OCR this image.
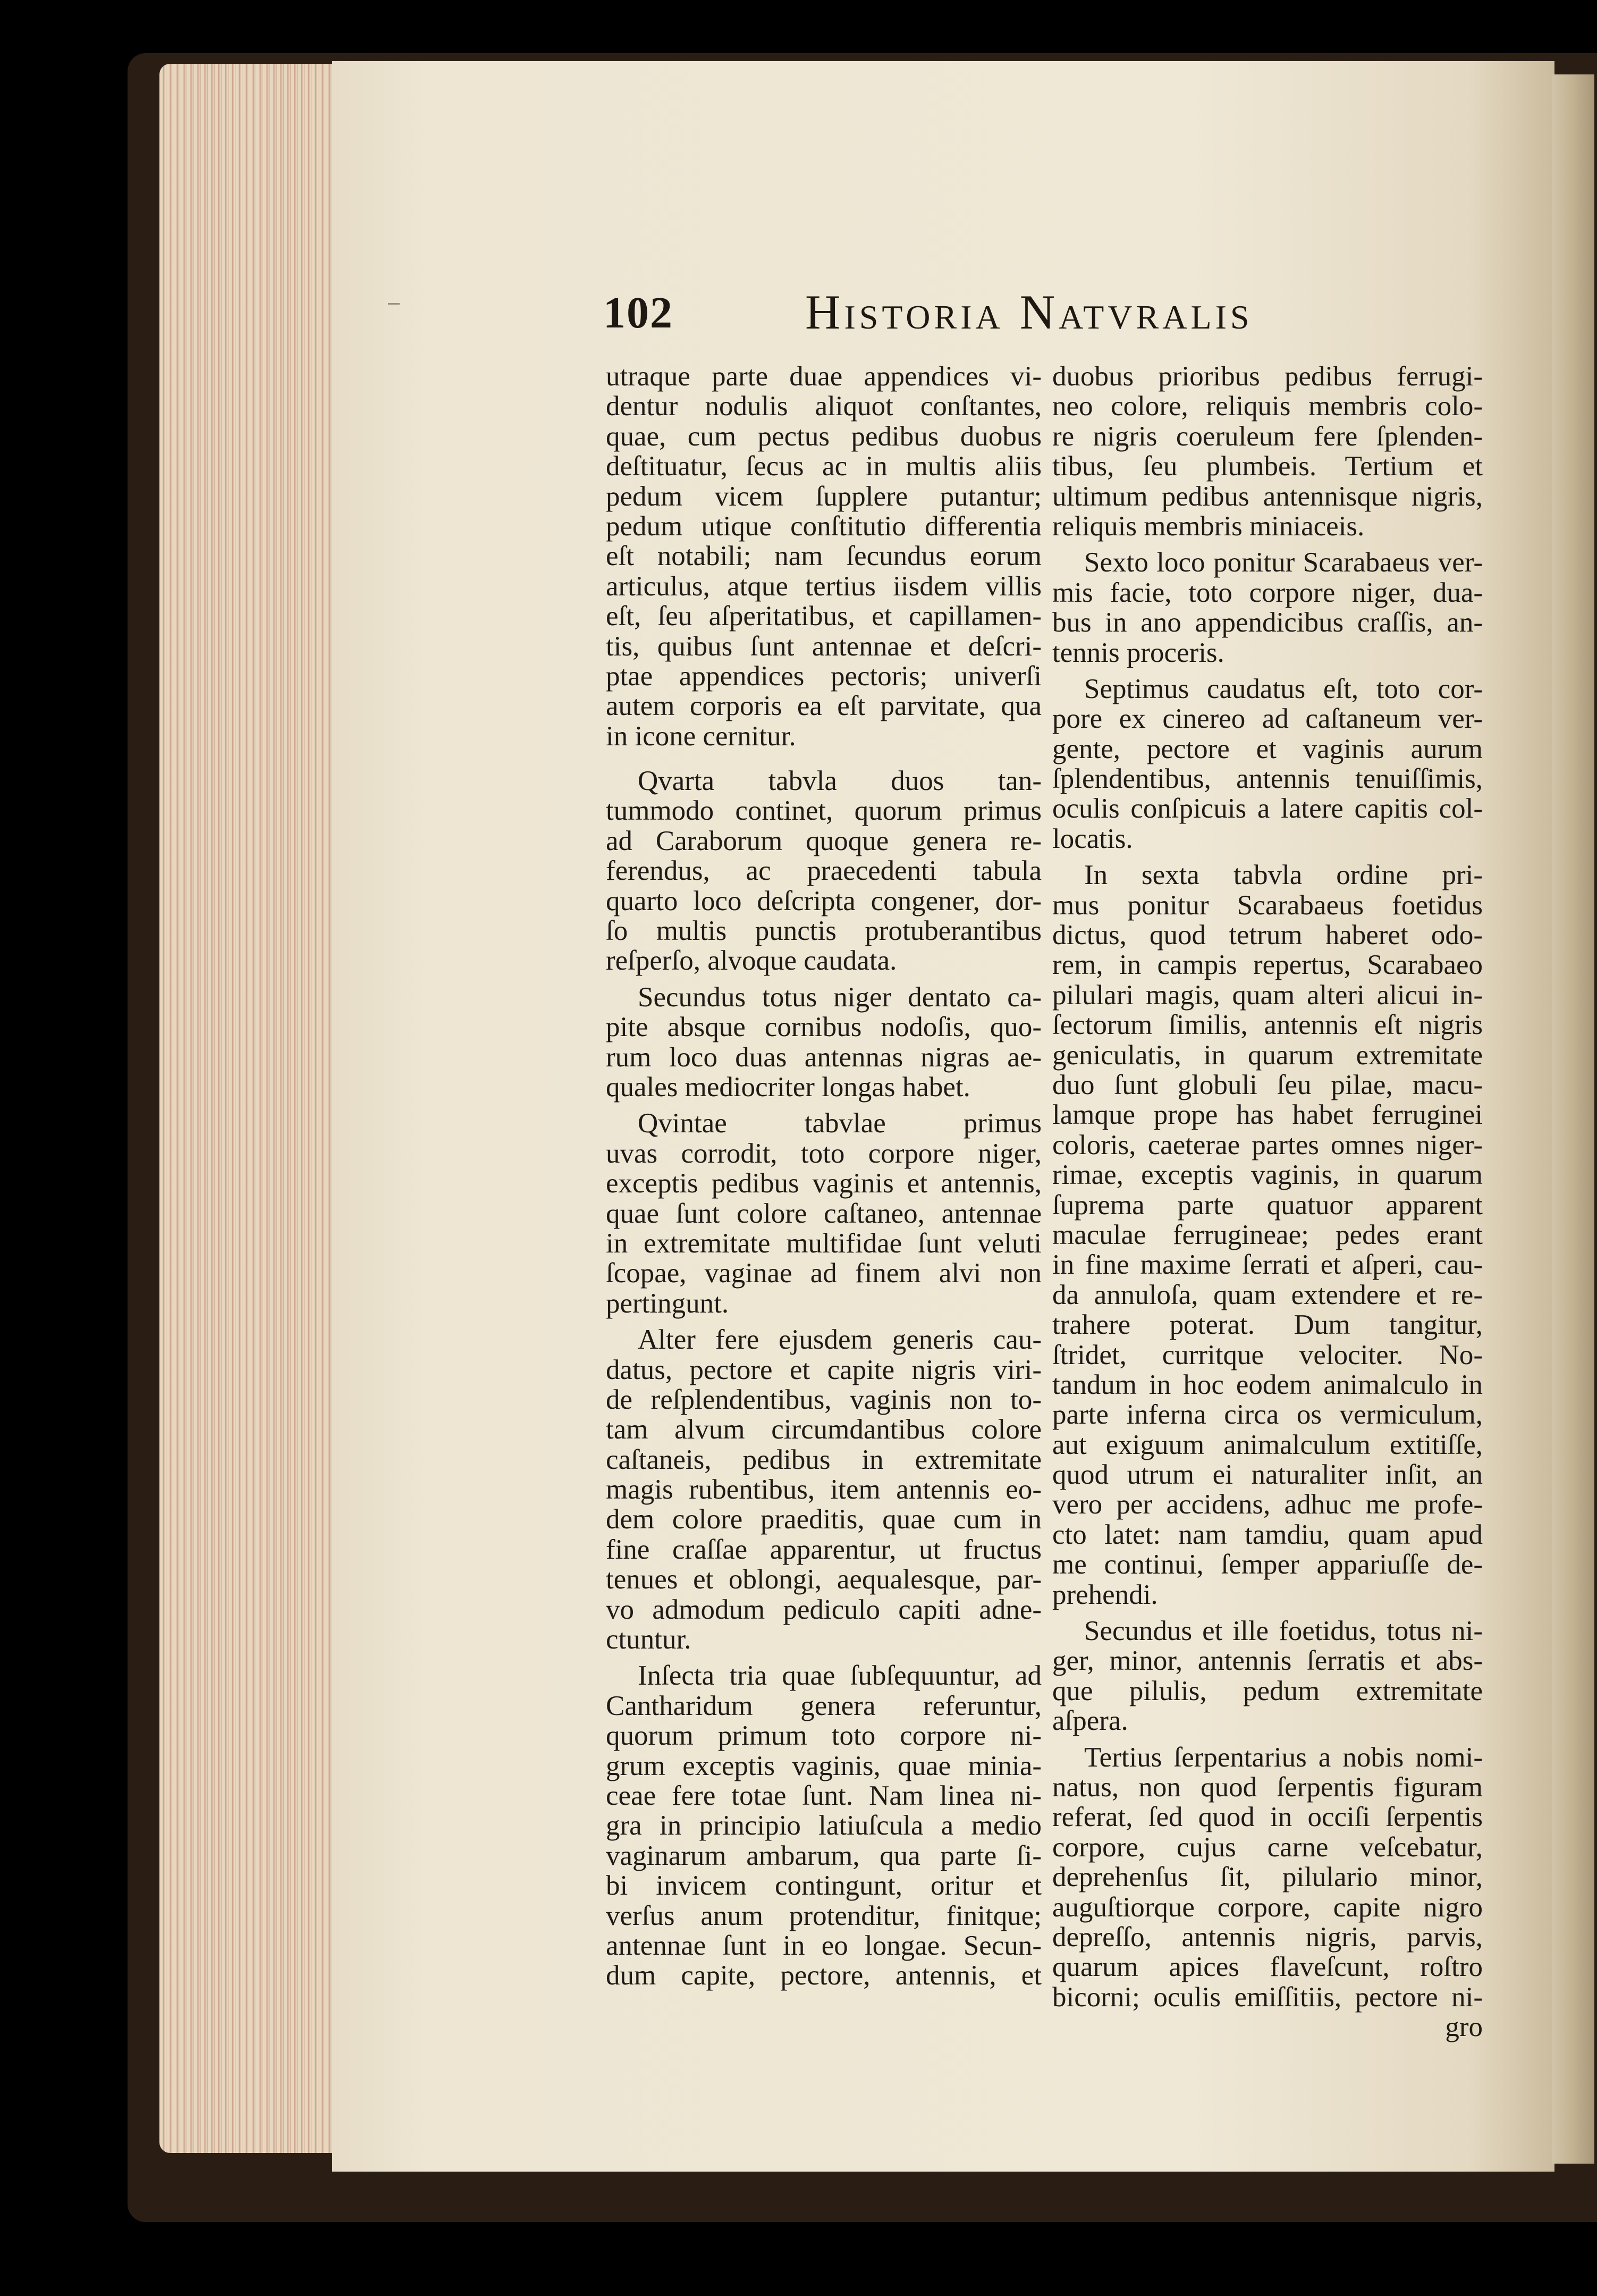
102	Historia Natvralis
utraque parte duae appendices vi-
dentur nodulis aliquot conſtantes,
quae, cum pectus pedibus duobus
deſtituatur, ſecus ac in multis aliis
pedum vicem ſupplere putantur;
pedum utique conſtitutio differentia
eſt notabili; nam ſecundus eorum
articulus, atque tertius iisdem villis
eſt, ſeu aſperitatibus, et capillamen-
tis, quibus ſunt antennae et deſcri-
ptae appendices pectoris; univerſi
autem corporis ea eſt parvitate, qua
in icone cernitur.
Qvarta tabvla duos tan-
tummodo continet, quorum primus
ad Caraborum quoque genera re-
ferendus, ac praecedenti tabula
quarto loco deſcripta congener, dor-
ſo multis punctis protuberantibus
reſperſo, alvoque caudata.
Secundus totus niger dentato ca-
pite absque cornibus nodoſis, quo-
rum loco duas antennas nigras ae-
quales mediocriter longas habet.
Qvintae tabvlae primus
uvas corrodit, toto corpore niger,
exceptis pedibus vaginis et antennis,
quae ſunt colore caſtaneo, antennae
in extremitate multifidae ſunt veluti
ſcopae, vaginae ad finem alvi non
pertingunt.
Alter fere ejusdem generis cau-
datus, pectore et capite nigris viri-
de reſplendentibus, vaginis non to-
tam alvum circumdantibus colore
caſtaneis, pedibus in extremitate
magis rubentibus, item antennis eo-
dem colore praeditis, quae cum in
fine craſſae apparentur, ut fructus
tenues et oblongi, aequalesque, par-
vo admodum pediculo capiti adne-
ctuntur.
Inſecta tria quae ſubſequuntur, ad
Cantharidum genera referuntur,
quorum primum toto corpore ni-
grum exceptis vaginis, quae minia-
ceae fere totae ſunt. Nam linea ni-
gra in principio latiuſcula a medio
vaginarum ambarum, qua parte ſi-
bi invicem contingunt, oritur et
verſus anum protenditur, finitque;
antennae ſunt in eo longae. Secun-
dum capite, pectore, antennis, et
duobus prioribus pedibus ferrugi-
neo colore, reliquis membris colo-
re nigris coeruleum fere ſplenden-
tibus, ſeu plumbeis. Tertium et
ultimum pedibus antennisque nigris,
reliquis membris miniaceis.
Sexto loco ponitur Scarabaeus ver-
mis facie, toto corpore niger, dua-
bus in ano appendicibus craſſis, an-
tennis proceris.
Septimus caudatus eſt, toto cor-
pore ex cinereo ad caſtaneum ver-
gente, pectore et vaginis aurum
ſplendentibus, antennis tenuiſſimis,
oculis conſpicuis a latere capitis col-
locatis.
In sexta tabvla ordine pri-
mus ponitur Scarabaeus foetidus
dictus, quod tetrum haberet odo-
rem, in campis repertus, Scarabaeo
pilulari magis, quam alteri alicui in-
ſectorum ſimilis, antennis eſt nigris
geniculatis, in quarum extremitate
duo ſunt globuli ſeu pilae, macu-
lamque prope has habet ferruginei
coloris, caeterae partes omnes niger-
rimae, exceptis vaginis, in quarum
ſuprema parte quatuor apparent
maculae ferrugineae; pedes erant
in fine maxime ſerrati et aſperi, cau-
da annuloſa, quam extendere et re-
trahere poterat. Dum tangitur,
ſtridet, curritque velociter. No-
tandum in hoc eodem animalculo in
parte inferna circa os vermiculum,
aut exiguum animalculum extitiſſe,
quod utrum ei naturaliter inſit, an
vero per accidens, adhuc me profe-
cto latet: nam tamdiu, quam apud
me continui, ſemper appariuſſe de-
prehendi.
Secundus et ille foetidus, totus ni-
ger, minor, antennis ſerratis et abs-
que pilulis, pedum extremitate
aſpera.
Tertius ſerpentarius a nobis nomi-
natus, non quod ſerpentis figuram
referat, ſed quod in occiſi ſerpentis
corpore, cujus carne veſcebatur,
deprehenſus ſit, pilulario minor,
auguſtiorque corpore, capite nigro
depreſſo, antennis nigris, parvis,
quarum apices flaveſcunt, roſtro
bicorni; oculis emiſſitiis, pectore ni-
gro
